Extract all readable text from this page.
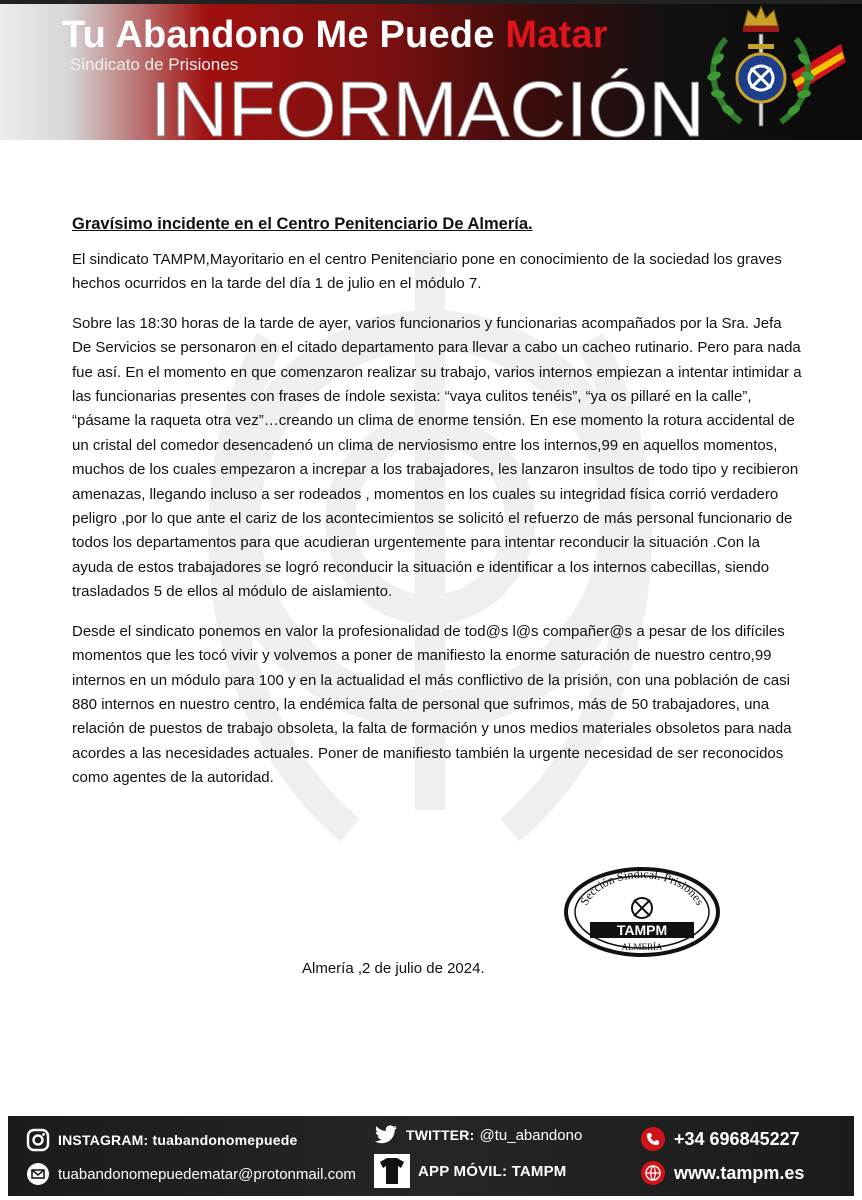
Tu Abandono Me Puede Matar
Sindicato de Prisiones
INFORMACIÓN
Gravísimo incidente en el Centro Penitenciario De Almería.

El sindicato TAMPM,Mayoritario en el centro Penitenciario pone en conocimiento de la sociedad los graves hechos ocurridos en la tarde del día 1 de julio en el módulo 7.

Sobre las 18:30 horas de la tarde de ayer, varios funcionarios y funcionarias acompañados por la Sra. Jefa De Servicios se personaron en el citado departamento para llevar a cabo un cacheo rutinario. Pero para nada fue así. En el momento en que comenzaron realizar su trabajo, varios internos empiezan a intentar intimidar a las funcionarias presentes con frases de índole sexista: “vaya culitos tenéis”, “ya os pillaré en la calle”, “pásame la raqueta otra vez”…creando un clima de enorme tensión. En ese momento la rotura accidental de un cristal del comedor desencadenó un clima de nerviosismo entre los internos,99 en aquellos momentos, muchos de los cuales empezaron a increpar a los trabajadores, les lanzaron insultos de todo tipo y recibieron amenazas, llegando incluso a ser rodeados , momentos en los cuales su integridad física corrió verdadero peligro ,por lo que ante el cariz de los acontecimientos se solicitó el refuerzo de más personal funcionario de todos los departamentos para que acudieran urgentemente para intentar reconducir la situación .Con la ayuda de estos trabajadores se logró reconducir la situación e identificar a los internos cabecillas, siendo trasladados 5 de ellos al módulo de aislamiento.

Desde el sindicato ponemos en valor la profesionalidad de tod@s l@s compañer@s a pesar de los difíciles momentos que les tocó vivir y volvemos a poner de manifiesto la enorme saturación de nuestro centro,99 internos en un módulo para 100 y en la actualidad el más conflictivo de la prisión, con una población de casi 880 internos en nuestro centro, la endémica falta de personal que sufrimos, más de 50 trabajadores, una relación de puestos de trabajo obsoleta, la falta de formación y unos medios materiales obsoletos para nada acordes a las necesidades actuales. Poner de manifiesto también la urgente necesidad de ser reconocidos como agentes de la autoridad.

Sección Sindical. Prisiones
TAMPM
ALMERÍA
Almería ,2 de julio de 2024.
INSTAGRAM: tuabandonomepuede
tuabandonomepuedematar@protonmail.com
TWITTER: @tu_abandono
APP MÓVIL: TAMPM
+34 696845227
www.tampm.es
